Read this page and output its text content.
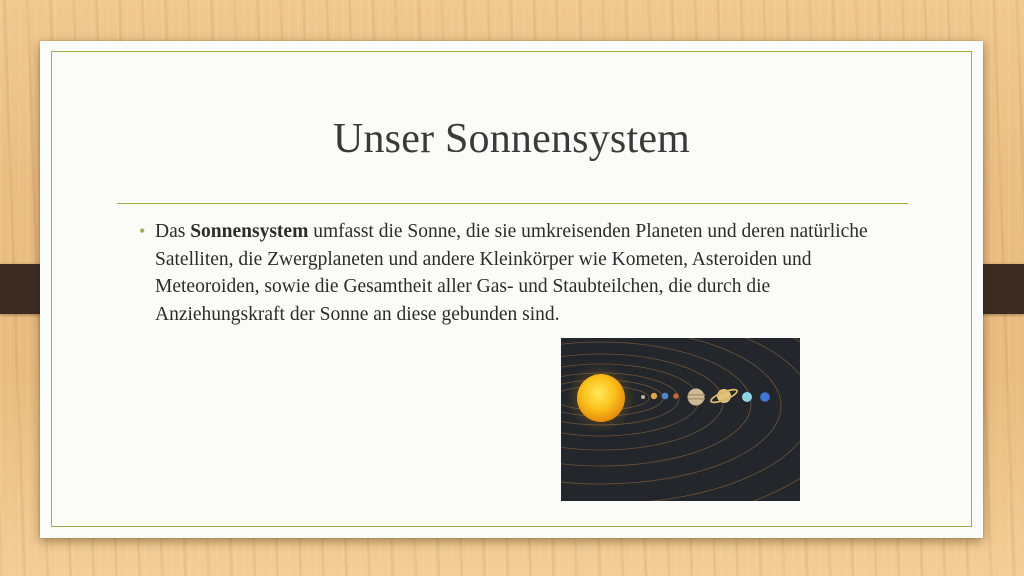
Unser Sonnensystem
• Das Sonnensystem umfasst die Sonne, die sie umkreisenden Planeten und deren natürliche Satelliten, die Zwergplaneten und andere Kleinkörper wie Kometen, Asteroiden und Meteoroiden, sowie die Gesamtheit aller Gas- und Staubteilchen, die durch die Anziehungskraft der Sonne an diese gebunden sind.
